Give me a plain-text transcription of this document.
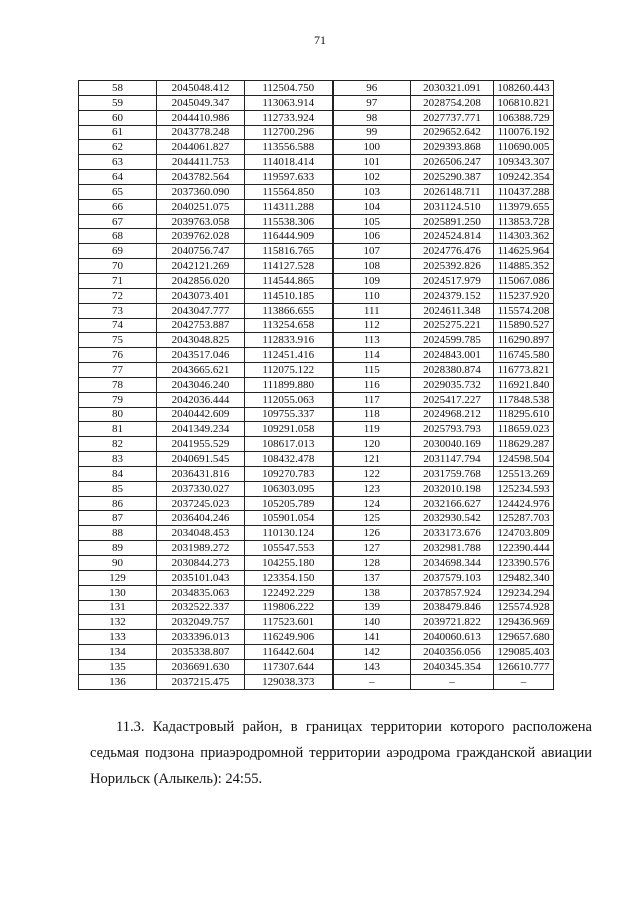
71
58	2045048.412	112504.750	96	2030321.091	108260.443
59	2045049.347	113063.914	97	2028754.208	106810.821
60	2044410.986	112733.924	98	2027737.771	106388.729
61	2043778.248	112700.296	99	2029652.642	110076.192
62	2044061.827	113556.588	100	2029393.868	110690.005
63	2044411.753	114018.414	101	2026506.247	109343.307
64	2043782.564	119597.633	102	2025290.387	109242.354
65	2037360.090	115564.850	103	2026148.711	110437.288
66	2040251.075	114311.288	104	2031124.510	113979.655
67	2039763.058	115538.306	105	2025891.250	113853.728
68	2039762.028	116444.909	106	2024524.814	114303.362
69	2040756.747	115816.765	107	2024776.476	114625.964
70	2042121.269	114127.528	108	2025392.826	114885.352
71	2042856.020	114544.865	109	2024517.979	115067.086
72	2043073.401	114510.185	110	2024379.152	115237.920
73	2043047.777	113866.655	111	2024611.348	115574.208
74	2042753.887	113254.658	112	2025275.221	115890.527
75	2043048.825	112833.916	113	2024599.785	116290.897
76	2043517.046	112451.416	114	2024843.001	116745.580
77	2043665.621	112075.122	115	2028380.874	116773.821
78	2043046.240	111899.880	116	2029035.732	116921.840
79	2042036.444	112055.063	117	2025417.227	117848.538
80	2040442.609	109755.337	118	2024968.212	118295.610
81	2041349.234	109291.058	119	2025793.793	118659.023
82	2041955.529	108617.013	120	2030040.169	118629.287
83	2040691.545	108432.478	121	2031147.794	124598.504
84	2036431.816	109270.783	122	2031759.768	125513.269
85	2037330.027	106303.095	123	2032010.198	125234.593
86	2037245.023	105205.789	124	2032166.627	124424.976
87	2036404.246	105901.054	125	2032930.542	125287.703
88	2034048.453	110130.124	126	2033173.676	124703.809
89	2031989.272	105547.553	127	2032981.788	122390.444
90	2030844.273	104255.180	128	2034698.344	123390.576
129	2035101.043	123354.150	137	2037579.103	129482.340
130	2034835.063	122492.229	138	2037857.924	129234.294
131	2032522.337	119806.222	139	2038479.846	125574.928
132	2032049.757	117523.601	140	2039721.822	129436.969
133	2033396.013	116249.906	141	2040060.613	129657.680
134	2035338.807	116442.604	142	2040356.056	129085.403
135	2036691.630	117307.644	143	2040345.354	126610.777
136	2037215.475	129038.373	–	–	–
11.3. Кадастровый район, в границах территории которого расположена седьмая подзона приаэродромной территории аэродрома гражданской авиации Норильск (Алыкель): 24:55.
